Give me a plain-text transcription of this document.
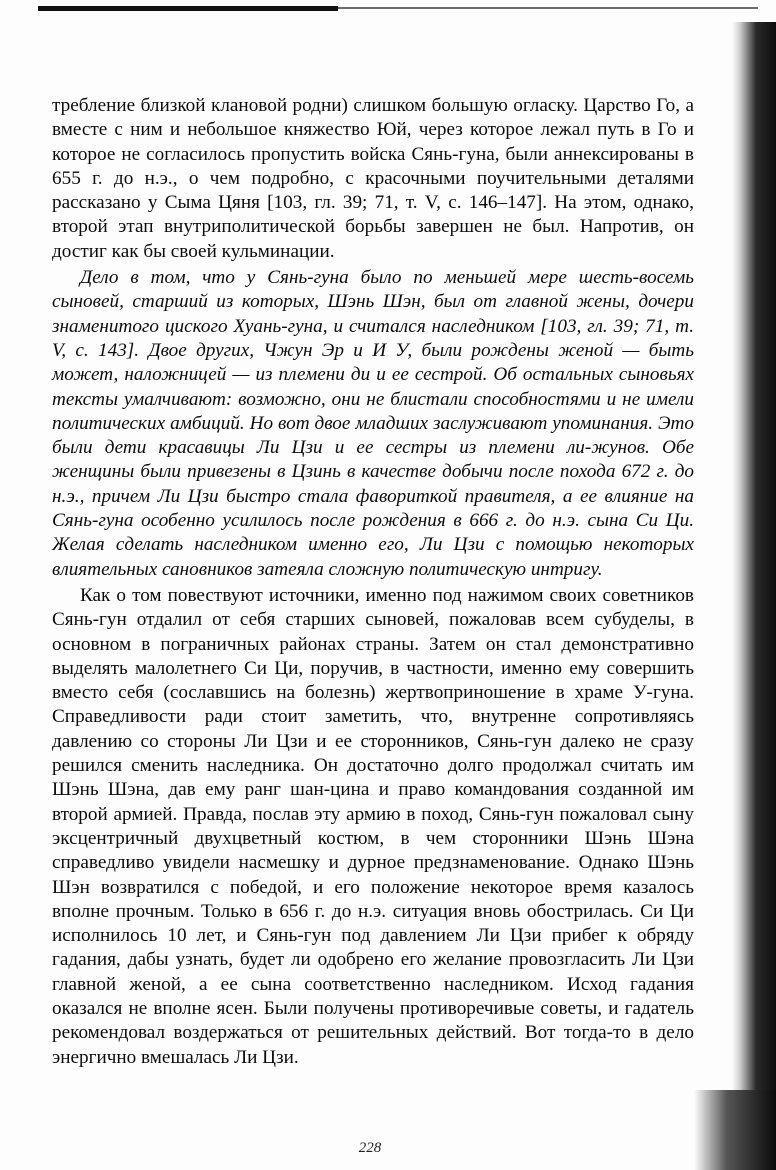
требление близкой клановой родни) слишком большую огласку. Царство Го, а вместе с ним и небольшое княжество Юй, через которое лежал путь в Го и которое не согласилось пропустить войска Сянь-гуна, были аннексированы в 655 г. до н.э., о чем подробно, с красочными поучительными деталями рассказано у Сыма Цяня [103, гл. 39; 71, т. V, с. 146–147]. На этом, однако, второй этап внутриполитической борьбы завершен не был. Напротив, он достиг как бы своей кульминации.

Дело в том, что у Сянь-гуна было по меньшей мере шесть-восемь сыновей, старший из которых, Шэнь Шэн, был от главной жены, дочери знаменитого циского Хуань-гуна, и считался наследником [103, гл. 39; 71, т. V, с. 143]. Двое других, Чжун Эр и И У, были рождены женой — быть может, наложницей — из племени ди и ее сестрой. Об остальных сыновьях тексты умалчивают: возможно, они не блистали способностями и не имели политических амбиций. Но вот двое младших заслуживают упоминания. Это были дети красавицы Ли Цзи и ее сестры из племени ли-жунов. Обе женщины были привезены в Цзинь в качестве добычи после похода 672 г. до н.э., причем Ли Цзи быстро стала фавориткой правителя, а ее влияние на Сянь-гуна особенно усилилось после рождения в 666 г. до н.э. сына Си Ци. Желая сделать наследником именно его, Ли Цзи с помощью некоторых влиятельных сановников затеяла сложную политическую интригу.

Как о том повествуют источники, именно под нажимом своих советников Сянь-гун отдалил от себя старших сыновей, пожаловав всем субуделы, в основном в пограничных районах страны. Затем он стал демонстративно выделять малолетнего Си Ци, поручив, в частности, именно ему совершить вместо себя (сославшись на болезнь) жертвоприношение в храме У-гуна. Справедливости ради стоит заметить, что, внутренне сопротивляясь давлению со стороны Ли Цзи и ее сторонников, Сянь-гун далеко не сразу решился сменить наследника. Он достаточно долго продолжал считать им Шэнь Шэна, дав ему ранг шан-цина и право командования созданной им второй армией. Правда, послав эту армию в поход, Сянь-гун пожаловал сыну эксцентричный двухцветный костюм, в чем сторонники Шэнь Шэна справедливо увидели насмешку и дурное предзнаменование. Однако Шэнь Шэн возвратился с победой, и его положение некоторое время казалось вполне прочным. Только в 656 г. до н.э. ситуация вновь обострилась. Си Ци исполнилось 10 лет, и Сянь-гун под давлением Ли Цзи прибег к обряду гадания, дабы узнать, будет ли одобрено его желание провозгласить Ли Цзи главной женой, а ее сына соответственно наследником. Исход гадания оказался не вполне ясен. Были получены противоречивые советы, и гадатель рекомендовал воздержаться от решительных действий. Вот тогда-то в дело энергично вмешалась Ли Цзи.

228
